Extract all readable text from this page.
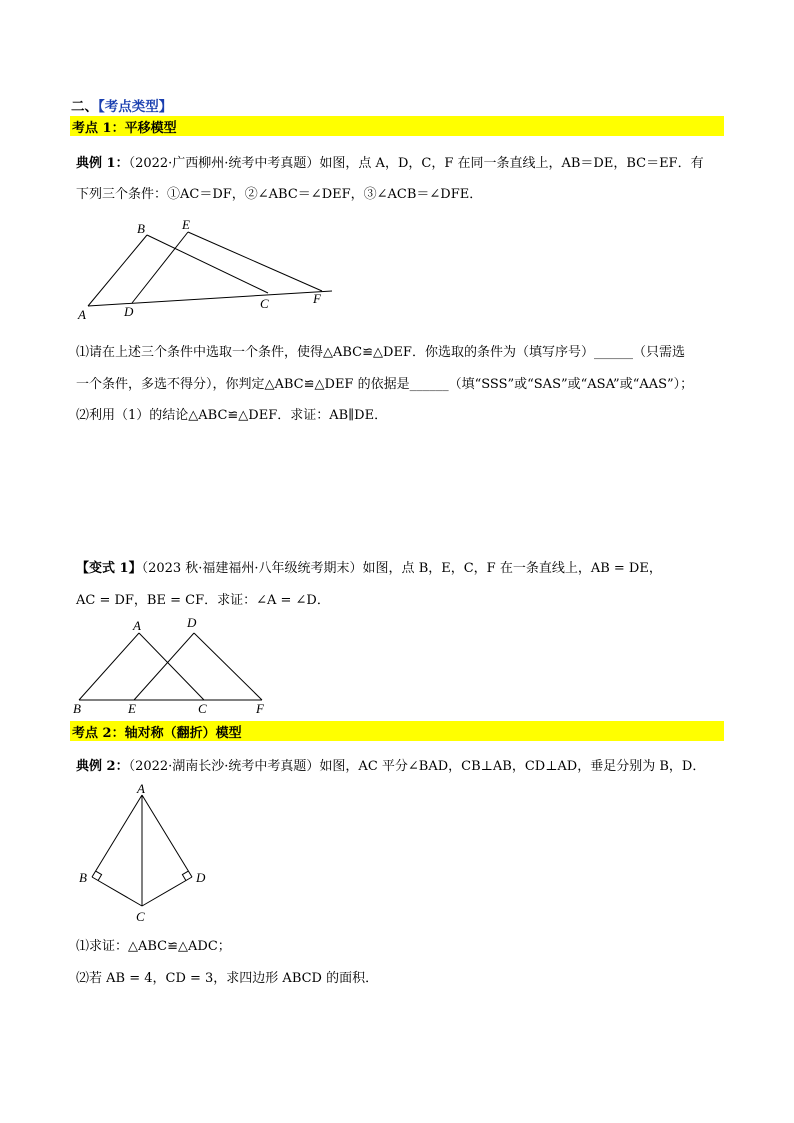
二、【考点类型】
考点 1：平移模型
典例 1：（2022·广西柳州·统考中考真题）如图，点 A，D，C，F 在同一条直线上，AB＝DE，BC＝EF．有
下列三个条件：①AC＝DF，②∠ABC＝∠DEF，③∠ACB＝∠DFE．
B	E
A	D
C	F
⑴请在上述三个条件中选取一个条件，使得△ABC≌△DEF．你选取的条件为（填写序号）______（只需选
一个条件，多选不得分），你判定△ABC≌△DEF 的依据是______（填“SSS”或“SAS”或“ASA”或“AAS”）；
⑵利用（1）的结论△ABC≌△DEF．求证：AB∥DE．
【变式 1】（2023 秋·福建福州·八年级统考期末）如图，点 B，E，C，F 在一条直线上，AB = DE，
AC = DF，BE = CF．求证：∠A = ∠D．
A	D
B	E	C	F
考点 2：轴对称（翻折）模型
典例 2：（2022·湖南长沙·统考中考真题）如图，AC 平分∠BAD，CB⊥AB，CD⊥AD，垂足分别为 B，D．
A
B	D
C
⑴求证：△ABC≌△ADC；
⑵若 AB = 4，CD = 3，求四边形 ABCD 的面积．
